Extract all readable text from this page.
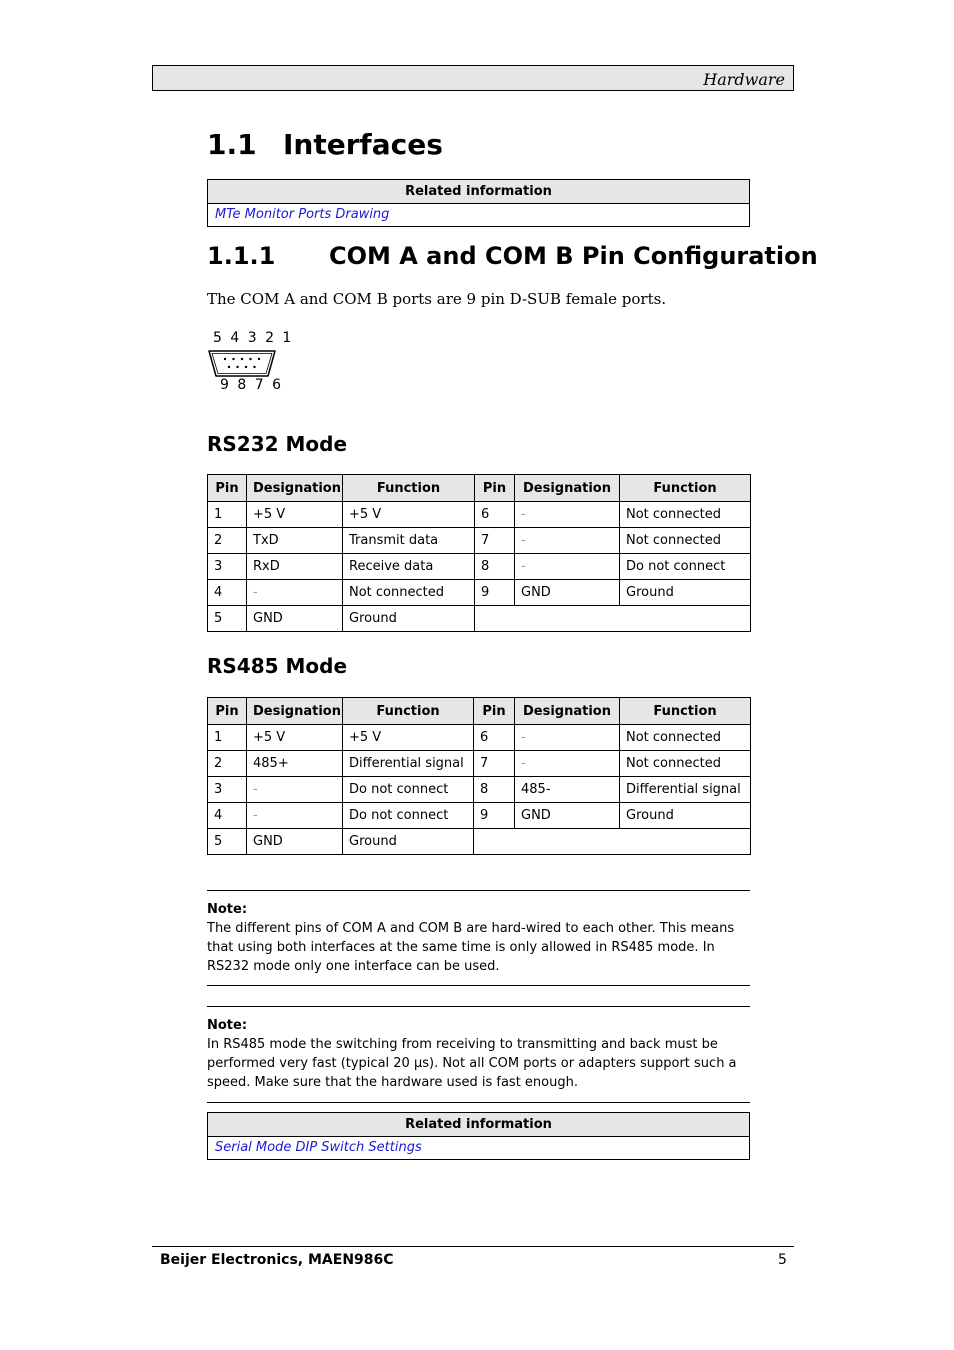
Hardware
1.1 Interfaces
Related information
MTe Monitor Ports Drawing
1.1.1 COM A and COM B Pin Configuration
The COM A and COM B ports are 9 pin D-SUB female ports.
5 4 3 2 1
9 8 7 6
RS232 Mode
Pin	Designation	Function	Pin	Designation	Function
1	+5 V	+5 V	6	-	Not connected
2	TxD	Transmit data	7	-	Not connected
3	RxD	Receive data	8	-	Do not connect
4	-	Not connected	9	GND	Ground
5	GND	Ground			
RS485 Mode
Pin	Designation	Function	Pin	Designation	Function
1	+5 V	+5 V	6	-	Not connected
2	485+	Differential signal	7	-	Not connected
3	-	Do not connect	8	485-	Differential signal
4	-	Do not connect	9	GND	Ground
5	GND	Ground			
Note:
The different pins of COM A and COM B are hard-wired to each other. This means that using both interfaces at the same time is only allowed in RS485 mode. In RS232 mode only one interface can be used.
Note:
In RS485 mode the switching from receiving to transmitting and back must be performed very fast (typical 20 µs). Not all COM ports or adapters support such a speed. Make sure that the hardware used is fast enough.
Related information
Serial Mode DIP Switch Settings
Beijer Electronics, MAEN986C	5
